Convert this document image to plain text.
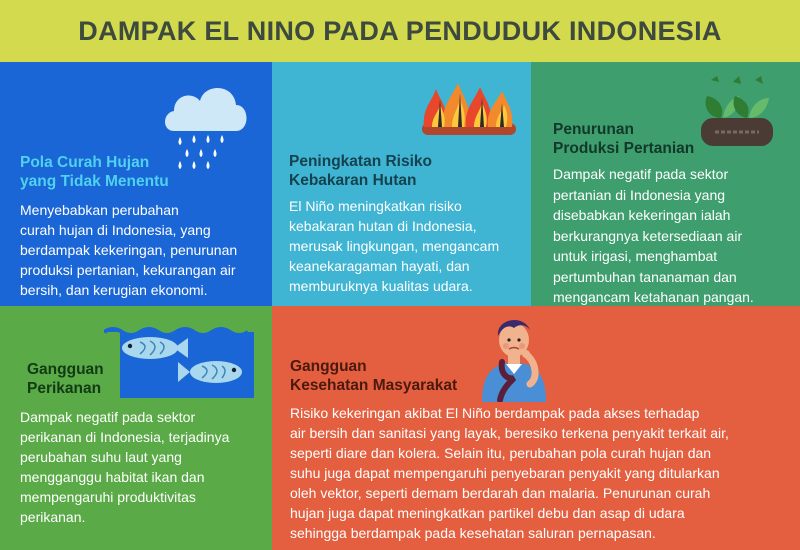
DAMPAK EL NINO PADA PENDUDUK INDONESIA
Pola Curah Hujan
yang Tidak Menentu
Menyebabkan perubahan
curah hujan di Indonesia, yang
berdampak kekeringan, penurunan
produksi pertanian, kekurangan air
bersih, dan kerugian ekonomi.
Peningkatan Risiko
Kebakaran Hutan
El Niño meningkatkan risiko
kebakaran hutan di Indonesia,
merusak lingkungan, mengancam
keanekaragaman hayati, dan
memburuknya kualitas udara.
Penurunan
Produksi Pertanian
Dampak negatif pada sektor
pertanian di Indonesia yang
disebabkan kekeringan ialah
berkurangnya ketersediaan air
untuk irigasi, menghambat
pertumbuhan tananaman dan
mengancam ketahanan pangan.
Gangguan
Perikanan
Dampak negatif pada sektor
perikanan di Indonesia, terjadinya
perubahan suhu laut yang
mengganggu habitat ikan dan
mempengaruhi produktivitas
perikanan.
Gangguan
Kesehatan Masyarakat
Risiko kekeringan akibat El Niño berdampak pada akses terhadap
air bersih dan sanitasi yang layak, beresiko terkena penyakit terkait air,
seperti diare dan kolera. Selain itu, perubahan pola curah hujan dan
suhu juga dapat mempengaruhi penyebaran penyakit yang ditularkan
oleh vektor, seperti demam berdarah dan malaria. Penurunan curah
hujan juga dapat meningkatkan partikel debu dan asap di udara
sehingga berdampak pada kesehatan saluran pernapasan.
